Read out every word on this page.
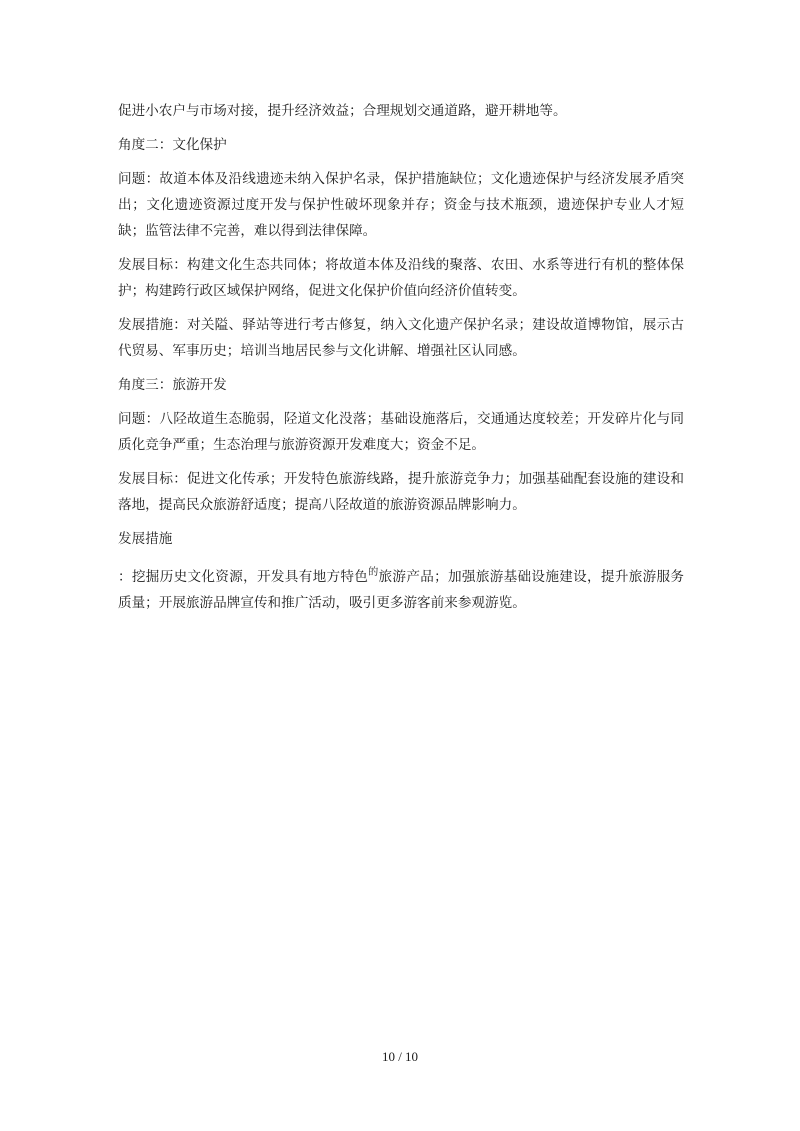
促进小农户与市场对接，提升经济效益；合理规划交通道路，避开耕地等。

角度二：文化保护

问题：故道本体及沿线遗迹未纳入保护名录，保护措施缺位；文化遗迹保护与经济发展矛盾突出；文化遗迹资源过度开发与保护性破坏现象并存；资金与技术瓶颈，遗迹保护专业人才短缺；监管法律不完善，难以得到法律保障。

发展目标：构建文化生态共同体；将故道本体及沿线的聚落、农田、水系等进行有机的整体保护；构建跨行政区域保护网络，促进文化保护价值向经济价值转变。

发展措施：对关隘、驿站等进行考古修复，纳入文化遗产保护名录；建设故道博物馆，展示古代贸易、军事历史；培训当地居民参与文化讲解、增强社区认同感。

角度三：旅游开发

问题：八陉故道生态脆弱，陉道文化没落；基础设施落后，交通通达度较差；开发碎片化与同质化竞争严重；生态治理与旅游资源开发难度大；资金不足。

发展目标：促进文化传承；开发特色旅游线路，提升旅游竞争力；加强基础配套设施的建设和落地，提高民众旅游舒适度；提高八陉故道的旅游资源品牌影响力。

发展措施

：挖掘历史文化资源，开发具有地方特色$^的$旅游产品；加强旅游基础设施建设，提升旅游服务质量；开展旅游品牌宣传和推广活动，吸引更多游客前来参观游览。

10 / 10
